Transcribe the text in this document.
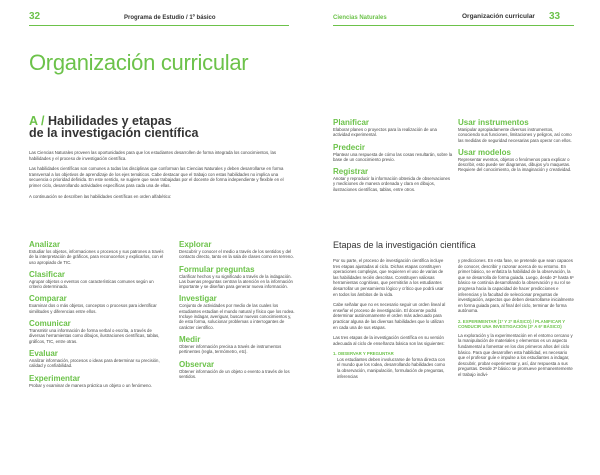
32	Programa de Estudio / 1º básico	Ciencias Naturales	Organización curricular 33
Organización curricular
A / Habilidades y etapas
de la investigación científica

Las Ciencias Naturales proveen las oportunidades para que los estudiantes desarrollen de forma integrada los conocimientos, las habilidades y el proceso de investigación científica.

Las habilidades científicas son comunes a todas las disciplinas que conforman las Ciencias Naturales y deben desarrollarse en forma transversal a los objetivos de aprendizaje de los ejes temáticos. Cabe destacar que el trabajo con estas habilidades no implica una secuencia o prioridad definida. En este sentido, se sugiere que sean trabajadas por el docente de forma independiente y flexible en el primer ciclo, desarrollando actividades específicas para cada una de ellas.

A continuación se describen las habilidades científicas en orden alfabético:

Analizar
Estudiar los objetos, informaciones o procesos y sus patrones a través de la interpretación de gráficos, para reconocerlos y explicarlos, con el uso apropiado de TIC.
Clasificar
Agrupar objetos o eventos con características comunes según un criterio determinado.
Comparar
Examinar dos o más objetos, conceptos o procesos para identificar similitudes y diferencias entre ellos.
Comunicar
Transmitir una información de forma verbal o escrita, a través de diversas herramientas como dibujos, ilustraciones científicas, tablas, gráficos, TIC, entre otras.
Evaluar
Analizar información, procesos o ideas para determinar su precisión, calidad y confiabilidad.
Experimentar
Probar y examinar de manera práctica un objeto o un fenómeno.
Explorar
Descubrir y conocer el medio a través de los sentidos y del contacto directo, tanto en la sala de clases como en terreno.
Formular preguntas
Clarificar hechos y su significado a través de la indagación. Las buenas preguntas centran la atención en la información importante y se diseñan para generar nueva información.
Investigar
Conjunto de actividades por medio de las cuales los estudiantes estudian el mundo natural y físico que los rodea. Incluye indagar, averiguar, buscar nuevos conocimientos y, de esta forma, solucionar problemas o interrogantes de carácter científico.
Medir
Obtener información precisa a través de instrumentos pertinentes (regla, termómetro, etc).
Observar
Obtener información de un objeto o evento a través de los sentidos.
Planificar
Elaborar planes o proyectos para la realización de una actividad experimental.
Predecir
Plantear una respuesta de cómo las cosas resultarán, sobre la base de un conocimiento previo.
Registrar
Anotar y reproducir la información obtenida de observaciones y mediciones de manera ordenada y clara en dibujos, ilustraciones científicas, tablas, entre otros.
Usar instrumentos
Manipular apropiadamente diversos instrumentos, conociendo sus funciones, limitaciones y peligros, así como las medidas de seguridad necesarias para operar con ellos.
Usar modelos
Representar eventos, objetos o fenómenos para explicar o describir, esto puede ser diagramas, dibujos y/o maquetas. Requiere del conocimiento, de la imaginación y creatividad.
Etapas de la investigación científica

Por su parte, el proceso de investigación científica incluye tres etapas ajustadas al ciclo. Dichas etapas constituyen operaciones complejas, que requieren el uso de varias de las habilidades recién descritas. Constituyen valiosas herramientas cognitivas, que permitirán a los estudiantes desarrollar un pensamiento lógico y crítico que podrá usar en todos los ámbitos de la vida.

Cabe señalar que no es necesario seguir un orden lineal al enseñar el proceso de investigación. El docente podrá determinar autónomamente el orden más adecuado para practicar alguna de las diversas habilidades que lo utilizan en cada una de sus etapas.

Las tres etapas de la investigación científica en su versión adecuada al ciclo de enseñanza básica son las siguientes:

1. OBSERVAR Y PREGUNTAR

Los estudiantes deben involucrarse de forma directa con el mundo que los rodea, desarrollando habilidades como la observación, manipulación, formulación de preguntas, inferencias

y predicciones. En esta fase, se pretende que sean capaces de conocer, describir y razonar acerca de su entorno. En primer básico, se enfatiza la habilidad de la observación, la que se desarrolla de forma guiada. Luego, desde 2º hasta 6º básico se continúa desarrollando la observación y su rol se progresa hacia la capacidad de hacer predicciones e inferencias y la facultad de seleccionar preguntas de investigación, aspectos que deben desarrollarse inicialmente en forma guiada para, al final del ciclo, terminar de forma autónoma.

2. EXPERIMENTAR (1º Y 2º BÁSICO) / PLANIFICAR Y CONDUCIR UNA INVESTIGACIÓN (3º A 6º BÁSICO)

La exploración y la experimentación en el entorno cercano y la manipulación de materiales y elementos es un aspecto fundamental a fomentar en los dos primeros años del ciclo básico. Para que desarrollen esta habilidad, es necesario que el profesor guíe e impulse a los estudiantes a indagar, descubrir, probar experimentar y, así, dar respuesta a sus preguntas. Desde 2º básico se promueve permanentemente el trabajo indivi-
